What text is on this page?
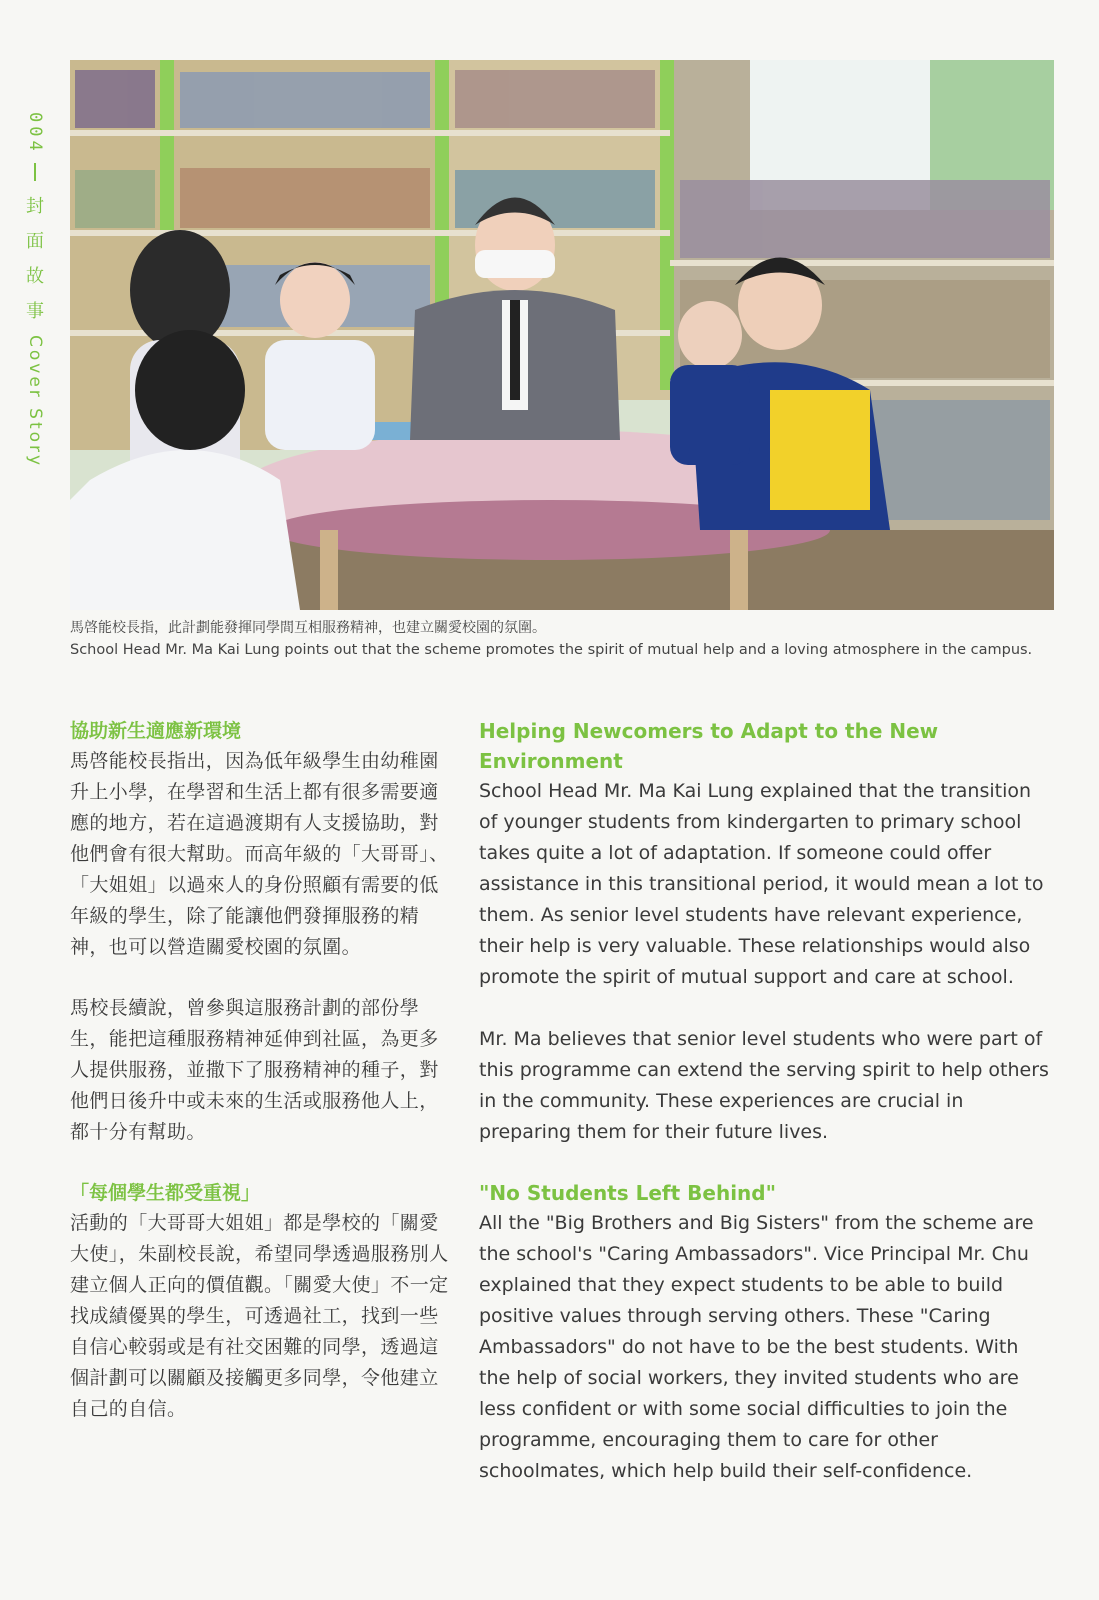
004
封
面
故
事
Cover Story
馬啓能校長指，此計劃能發揮同學間互相服務精神，也建立關愛校園的氛圍。
School Head Mr. Ma Kai Lung points out that the scheme promotes the spirit of mutual help and a loving atmosphere in the campus.
協助新生適應新環境

馬啓能校長指出，因為低年級學生由幼稚園升上小學，在學習和生活上都有很多需要適應的地方，若在這過渡期有人支援協助，對他們會有很大幫助。而高年級的「大哥哥」、「大姐姐」以過來人的身份照顧有需要的低年級的學生，除了能讓他們發揮服務的精神，也可以營造關愛校園的氛圍。

馬校長續說，曾參與這服務計劃的部份學生，能把這種服務精神延伸到社區，為更多人提供服務，並撒下了服務精神的種子，對他們日後升中或未來的生活或服務他人上，都十分有幫助。

「每個學生都受重視」

活動的「大哥哥大姐姐」都是學校的「關愛大使」，朱副校長說，希望同學透過服務別人建立個人正向的價值觀。「關愛大使」不一定找成績優異的學生，可透過社工，找到一些自信心較弱或是有社交困難的同學，透過這個計劃可以關顧及接觸更多同學，令他建立自己的自信。

Helping Newcomers to Adapt to the New Environment

School Head Mr. Ma Kai Lung explained that the transition of younger students from kindergarten to primary school takes quite a lot of adaptation. If someone could offer assistance in this transitional period, it would mean a lot to them. As senior level students have relevant experience, their help is very valuable. These relationships would also promote the spirit of mutual support and care at school.

Mr. Ma believes that senior level students who were part of this programme can extend the serving spirit to help others in the community. These experiences are crucial in preparing them for their future lives.

"No Students Left Behind"

All the "Big Brothers and Big Sisters" from the scheme are the school's "Caring Ambassadors". Vice Principal Mr. Chu explained that they expect students to be able to build positive values through serving others. These "Caring Ambassadors" do not have to be the best students. With the help of social workers, they invited students who are less confident or with some social difficulties to join the programme, encouraging them to care for other schoolmates, which help build their self-confidence.
